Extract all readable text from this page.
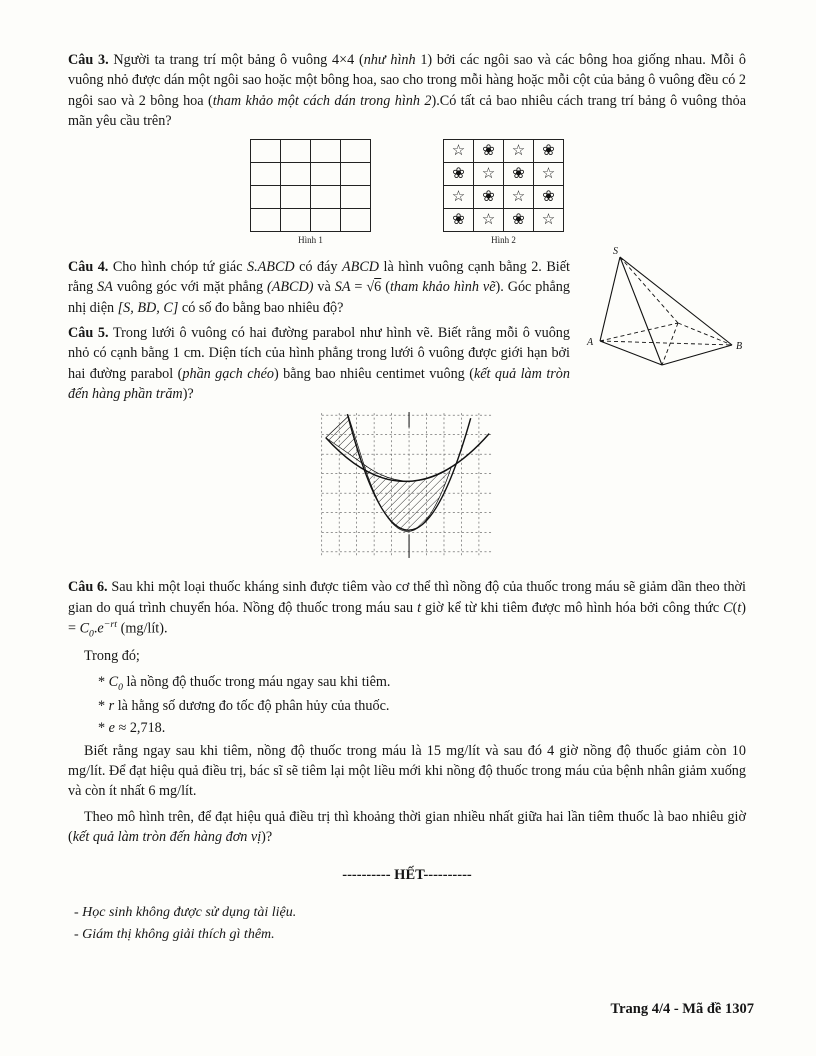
Câu 3. Người ta trang trí một bảng ô vuông 4×4 (như hình 1) bởi các ngôi sao và các bông hoa giống nhau. Mỗi ô vuông nhỏ được dán một ngôi sao hoặc một bông hoa, sao cho trong mỗi hàng hoặc mỗi cột của bảng ô vuông đều có 2 ngôi sao và 2 bông hoa (tham khảo một cách dán trong hình 2).Có tất cả bao nhiêu cách trang trí bảng ô vuông thỏa mãn yêu cầu trên?

Hình 1
☆	❀	☆	❀
❀	☆	❀	☆
☆	❀	☆	❀
❀	☆	❀	☆
Hình 2
S
A	B

Câu 4. Cho hình chóp tứ giác S.ABCD có đáy ABCD là hình vuông cạnh bằng 2. Biết rằng SA vuông góc với mặt phẳng (ABCD) và SA = √6 (tham khảo hình vẽ). Góc phẳng nhị diện [S, BD, C] có số đo bằng bao nhiêu độ?

Câu 5. Trong lưới ô vuông có hai đường parabol như hình vẽ. Biết rằng mỗi ô vuông nhỏ có cạnh bằng 1 cm. Diện tích của hình phẳng trong lưới ô vuông được giới hạn bởi hai đường parabol (phần gạch chéo) bằng bao nhiêu centimet vuông (kết quả làm tròn đến hàng phần trăm)?

Câu 6. Sau khi một loại thuốc kháng sinh được tiêm vào cơ thể thì nồng độ của thuốc trong máu sẽ giảm dần theo thời gian do quá trình chuyển hóa. Nồng độ thuốc trong máu sau t giờ kể từ khi tiêm được mô hình hóa bởi công thức $C(t) = C_0.e^{-rt}$ (mg/lít).

Trong đó;

* $C_0$ là nồng độ thuốc trong máu ngay sau khi tiêm.

* r là hằng số dương đo tốc độ phân hủy của thuốc.

* e ≈ 2,718.

Biết rằng ngay sau khi tiêm, nồng độ thuốc trong máu là 15 mg/lít và sau đó 4 giờ nồng độ thuốc giảm còn 10 mg/lít. Để đạt hiệu quả điều trị, bác sĩ sẽ tiêm lại một liều mới khi nồng độ thuốc trong máu của bệnh nhân giảm xuống và còn ít nhất 6 mg/lít.

Theo mô hình trên, để đạt hiệu quả điều trị thì khoảng thời gian nhiều nhất giữa hai lần tiêm thuốc là bao nhiêu giờ (kết quả làm tròn đến hàng đơn vị)?

---------- HẾT----------

- Học sinh không được sử dụng tài liệu.

- Giám thị không giải thích gì thêm.

Trang 4/4 - Mã đề 1307
